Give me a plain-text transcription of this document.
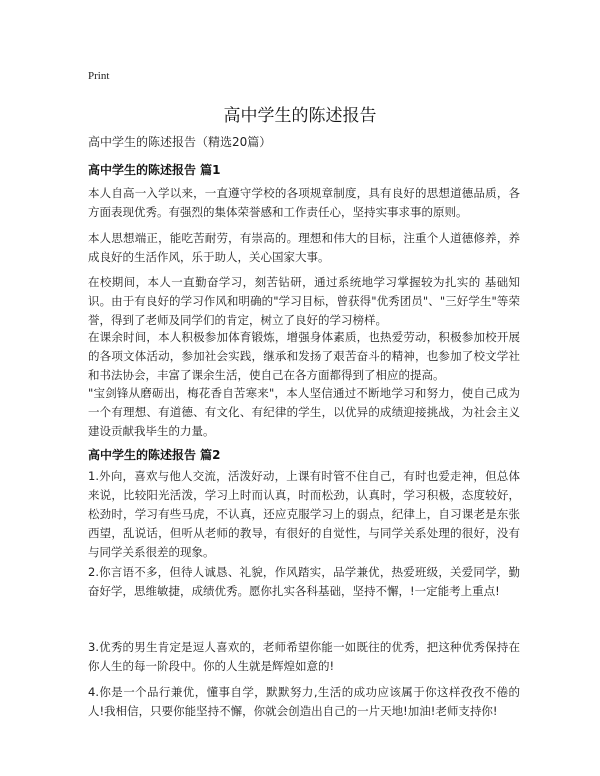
Print
高中学生的陈述报告
高中学生的陈述报告（精选20篇）
高中学生的陈述报告 篇1
本人自高一入学以来，一直遵守学校的各项规章制度，具有良好的思想道德品质，各方面表现优秀。有强烈的集体荣誉感和工作责任心，坚持实事求事的原则。
本人思想端正，能吃苦耐劳，有崇高的。理想和伟大的目标，注重个人道德修养，养成良好的生活作风，乐于助人，关心国家大事。
在校期间，本人一直勤奋学习，刻苦钻研，通过系统地学习掌握较为扎实的 基础知识。由于有良好的学习作风和明确的"学习目标，曾获得"优秀团员"、"三好学生"等荣誉，得到了老师及同学们的肯定，树立了良好的学习榜样。
在课余时间，本人积极参加体育锻炼，增强身体素质，也热爱劳动，积极参加校开展的各项文体活动，参加社会实践，继承和发扬了艰苦奋斗的精神，也参加了校文学社和书法协会，丰富了课余生活，使自己在各方面都得到了相应的提高。
"宝剑锋从磨砺出，梅花香自苦寒来"，本人坚信通过不断地学习和努力，使自己成为一个有理想、有道德、有文化、有纪律的学生，以优异的成绩迎接挑战，为社会主义建设贡献我毕生的力量。
高中学生的陈述报告 篇2
1.外向，喜欢与他人交流，活泼好动，上课有时管不住自己，有时也爱走神，但总体来说，比较阳光活泼，学习上时而认真，时而松劲，认真时，学习积极，态度较好，松劲时，学习有些马虎，不认真，还应克服学习上的弱点，纪律上，自习课老是东张西望，乱说话，但听从老师的教导，有很好的自觉性，与同学关系处理的很好，没有与同学关系很差的现象。
2.你言语不多，但待人诚恳、礼貌，作风踏实，品学兼优，热爱班级，关爱同学，勤奋好学，思维敏捷，成绩优秀。愿你扎实各科基础，坚持不懈，!一定能考上重点!
3.优秀的男生肯定是逗人喜欢的，老师希望你能一如既往的优秀，把这种优秀保持在你人生的每一阶段中。你的人生就是辉煌如意的!
4.你是一个品行兼优，懂事自学，默默努力,生活的成功应该属于你这样孜孜不倦的人!我相信，只要你能坚持不懈，你就会创造出自己的一片天地!加油!老师支持你!
